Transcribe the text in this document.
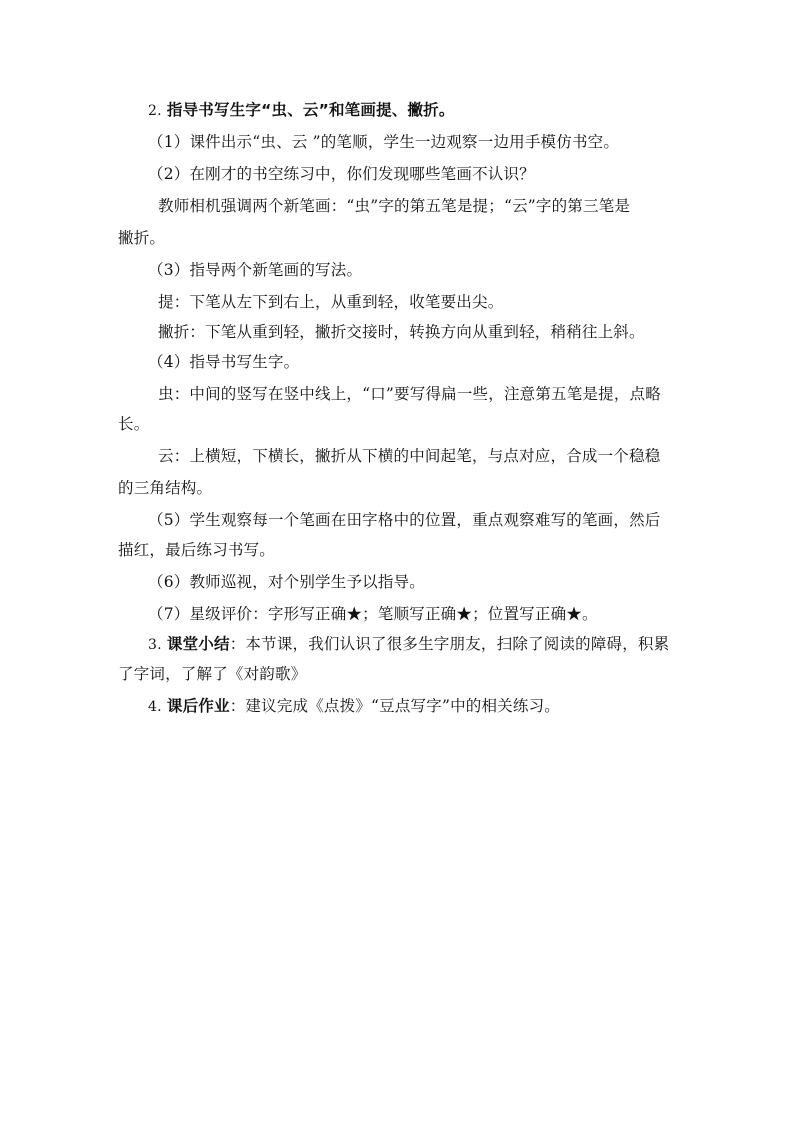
2. 指导书写生字“虫、云”和笔画提、撇折。
（1）课件出示“虫、云 ”的笔顺，学生一边观察一边用手模仿书空。
（2）在刚才的书空练习中，你们发现哪些笔画不认识？
教师相机强调两个新笔画：“虫”字的第五笔是提；“云”字的第三笔是
撇折。
（3）指导两个新笔画的写法。
提：下笔从左下到右上，从重到轻，收笔要出尖。
撇折：下笔从重到轻，撇折交接时，转换方向从重到轻，稍稍往上斜。
（4）指导书写生字。
虫：中间的竖写在竖中线上，“口”要写得扁一些，注意第五笔是提，点略
长。
云：上横短，下横长，撇折从下横的中间起笔，与点对应，合成一个稳稳
的三角结构。
（5）学生观察每一个笔画在田字格中的位置，重点观察难写的笔画，然后
描红，最后练习书写。
（6）教师巡视，对个别学生予以指导。
（7）星级评价：字形写正确★；笔顺写正确★；位置写正确★。
3. 课堂小结：本节课，我们认识了很多生字朋友，扫除了阅读的障碍，积累
了字词，了解了《对韵歌》
4. 课后作业：建议完成《点拨》“豆点写字”中的相关练习。
